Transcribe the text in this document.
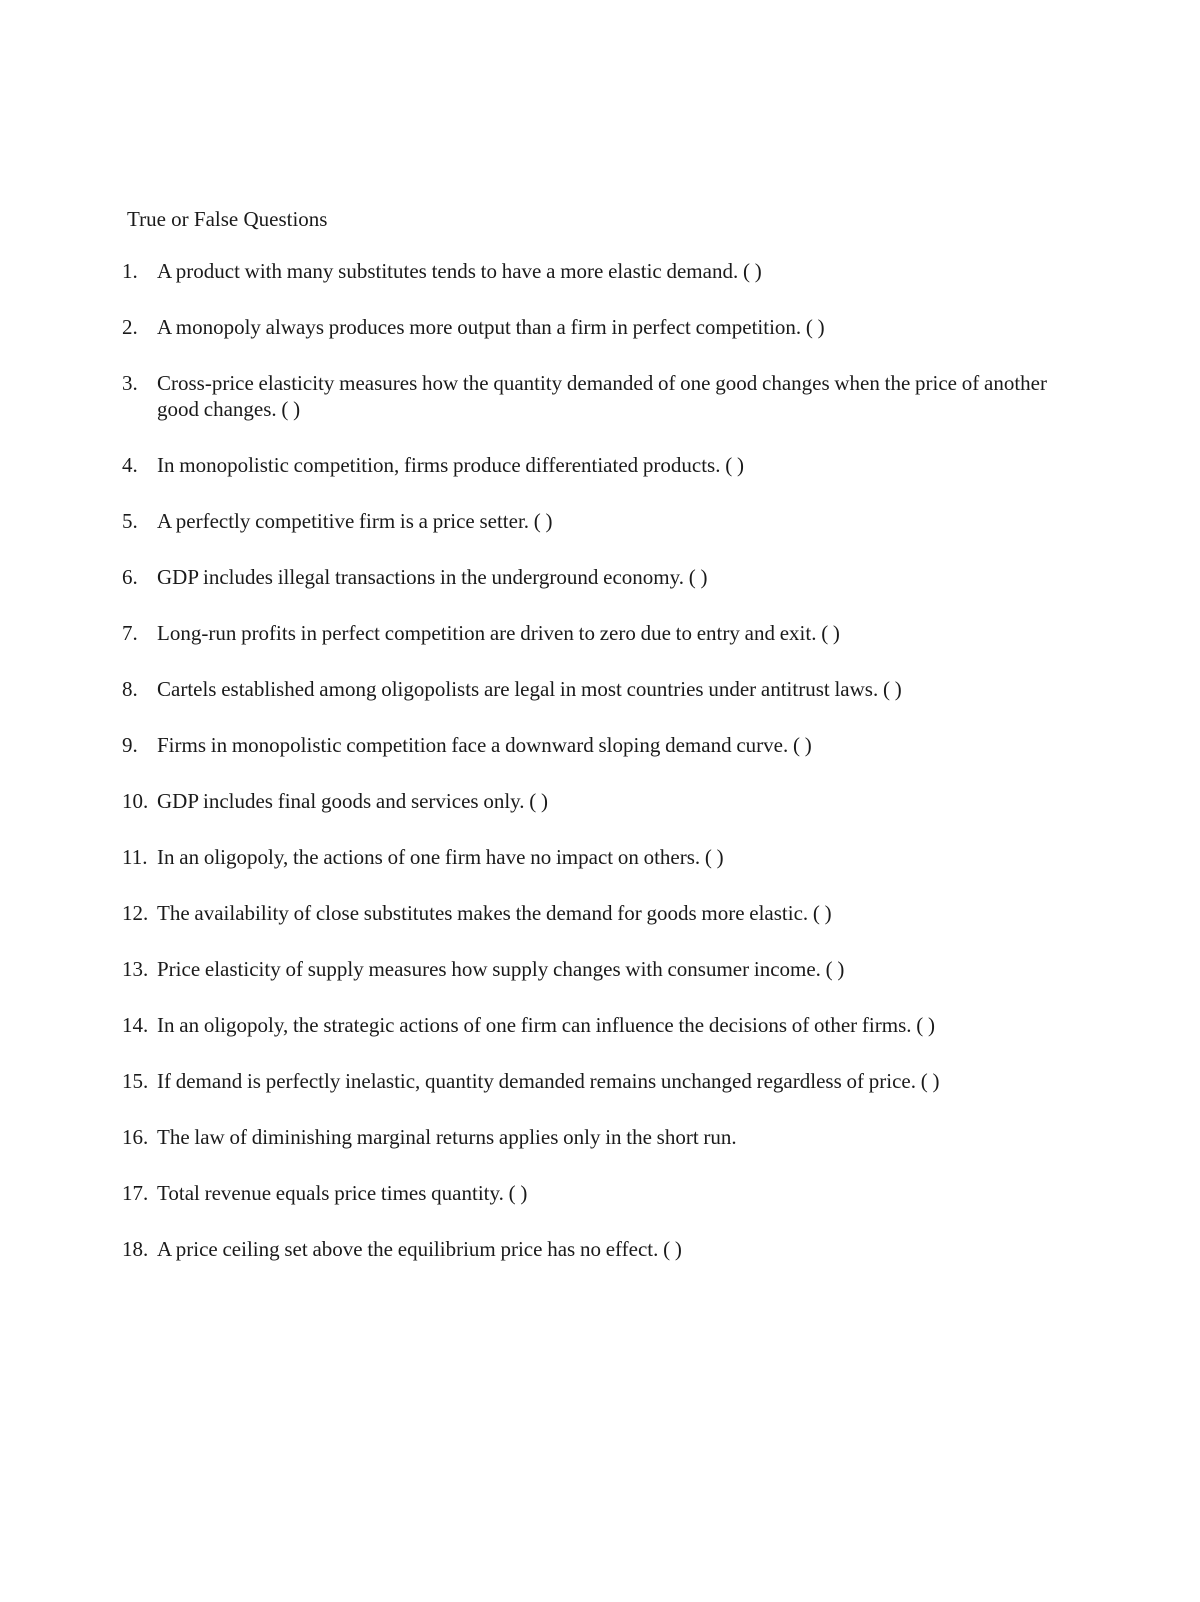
True or False Questions
1. A product with many substitutes tends to have a more elastic demand. ( )
2. A monopoly always produces more output than a firm in perfect competition. ( )
3. Cross-price elasticity measures how the quantity demanded of one good changes when the price of another good changes. ( )
4. In monopolistic competition, firms produce differentiated products. ( )
5. A perfectly competitive firm is a price setter. ( )
6. GDP includes illegal transactions in the underground economy. ( )
7. Long-run profits in perfect competition are driven to zero due to entry and exit. ( )
8. Cartels established among oligopolists are legal in most countries under antitrust laws. ( )
9. Firms in monopolistic competition face a downward sloping demand curve. ( )
10. GDP includes final goods and services only. ( )
11. In an oligopoly, the actions of one firm have no impact on others. ( )
12. The availability of close substitutes makes the demand for goods more elastic. ( )
13. Price elasticity of supply measures how supply changes with consumer income. ( )
14. In an oligopoly, the strategic actions of one firm can influence the decisions of other firms. ( )
15. If demand is perfectly inelastic, quantity demanded remains unchanged regardless of price. ( )
16. The law of diminishing marginal returns applies only in the short run.
17. Total revenue equals price times quantity. ( )
18. A price ceiling set above the equilibrium price has no effect. ( )
